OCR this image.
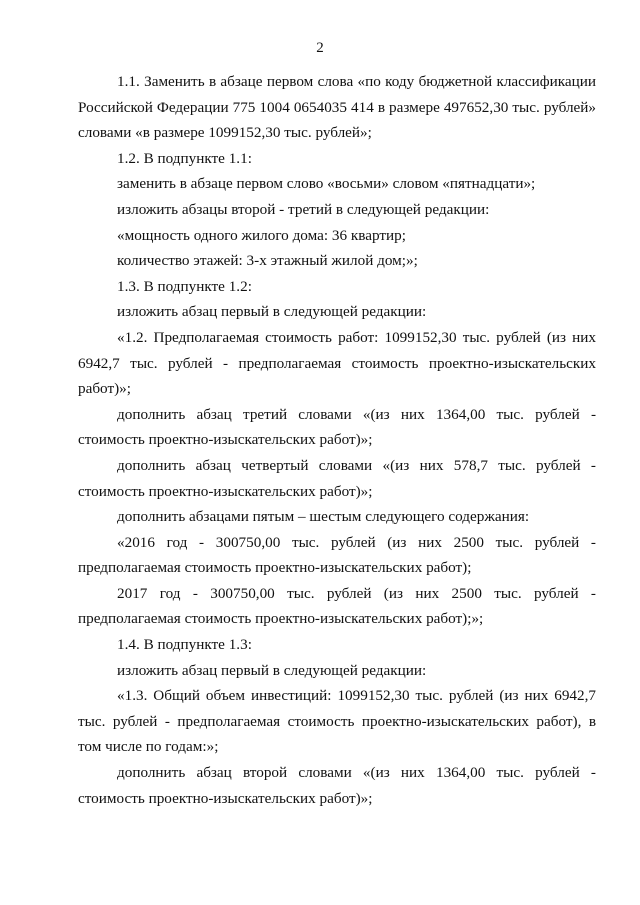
2

1.1. Заменить в абзаце первом слова «по коду бюджетной классификации Российской Федерации 775 1004 0654035 414 в размере 497652,30 тыс. рублей» словами «в размере 1099152,30 тыс. рублей»;

1.2. В подпункте 1.1:

заменить в абзаце первом слово «восьми» словом «пятнадцати»;

изложить абзацы второй - третий в следующей редакции:

«мощность одного жилого дома: 36 квартир;

количество этажей: 3-х этажный жилой дом;»;

1.3. В подпункте 1.2:

изложить абзац первый в следующей редакции:

«1.2. Предполагаемая стоимость работ: 1099152,30 тыс. рублей (из них 6942,7 тыс. рублей - предполагаемая стоимость проектно-изыскательских работ)»;

дополнить абзац третий словами «(из них 1364,00 тыс. рублей - стоимость проектно-изыскательских работ)»;

дополнить абзац четвертый словами «(из них 578,7 тыс. рублей - стоимость проектно-изыскательских работ)»;

дополнить абзацами пятым – шестым следующего содержания:

«2016 год - 300750,00 тыс. рублей (из них 2500 тыс. рублей - предполагаемая стоимость проектно-изыскательских работ);

2017 год - 300750,00 тыс. рублей (из них 2500 тыс. рублей - предполагаемая стоимость проектно-изыскательских работ);»;

1.4. В подпункте 1.3:

изложить абзац первый в следующей редакции:

«1.3. Общий объем инвестиций: 1099152,30 тыс. рублей (из них 6942,7 тыс. рублей - предполагаемая стоимость проектно-изыскательских работ), в том числе по годам:»;

дополнить абзац второй словами «(из них 1364,00 тыс. рублей - стоимость проектно-изыскательских работ)»;
